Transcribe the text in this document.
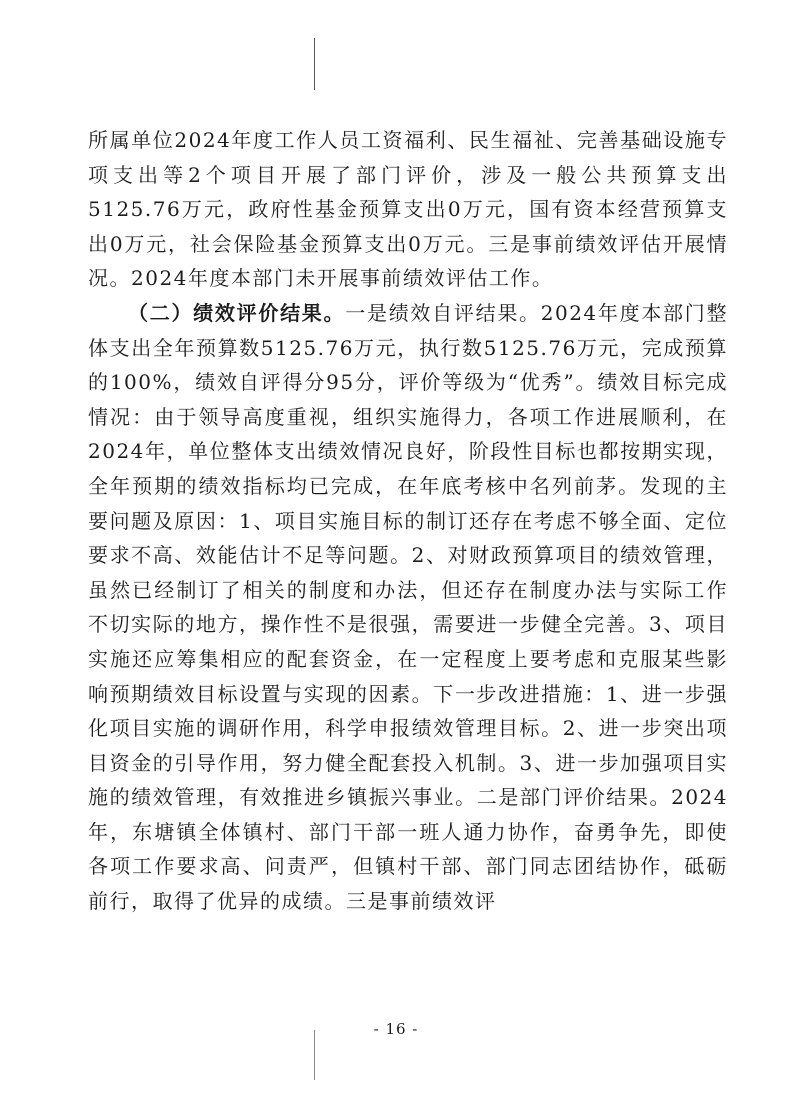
所属单位2024年度工作人员工资福利、民生福祉、完善基础设施专项支出等2个项目开展了部门评价，涉及一般公共预算支出5125.76万元，政府性基金预算支出0万元，国有资本经营预算支出0万元，社会保险基金预算支出0万元。三是事前绩效评估开展情况。2024年度本部门未开展事前绩效评估工作。

（二）绩效评价结果。一是绩效自评结果。2024年度本部门整体支出全年预算数5125.76万元，执行数5125.76万元，完成预算的100%，绩效自评得分95分，评价等级为“优秀”。绩效目标完成情况：由于领导高度重视，组织实施得力，各项工作进展顺利，在2024年，单位整体支出绩效情况良好，阶段性目标也都按期实现，全年预期的绩效指标均已完成，在年底考核中名列前茅。发现的主要问题及原因：1、项目实施目标的制订还存在考虑不够全面、定位要求不高、效能估计不足等问题。2、对财政预算项目的绩效管理，虽然已经制订了相关的制度和办法，但还存在制度办法与实际工作不切实际的地方，操作性不是很强，需要进一步健全完善。3、项目实施还应筹集相应的配套资金，在一定程度上要考虑和克服某些影响预期绩效目标设置与实现的因素。下一步改进措施：1、进一步强化项目实施的调研作用，科学申报绩效管理目标。2、进一步突出项目资金的引导作用，努力健全配套投入机制。3、进一步加强项目实施的绩效管理，有效推进乡镇振兴事业。二是部门评价结果。2024年，东塘镇全体镇村、部门干部一班人通力协作，奋勇争先，即使各项工作要求高、问责严，但镇村干部、部门同志团结协作，砥砺前行，取得了优异的成绩。三是事前绩效评

- 16 -
